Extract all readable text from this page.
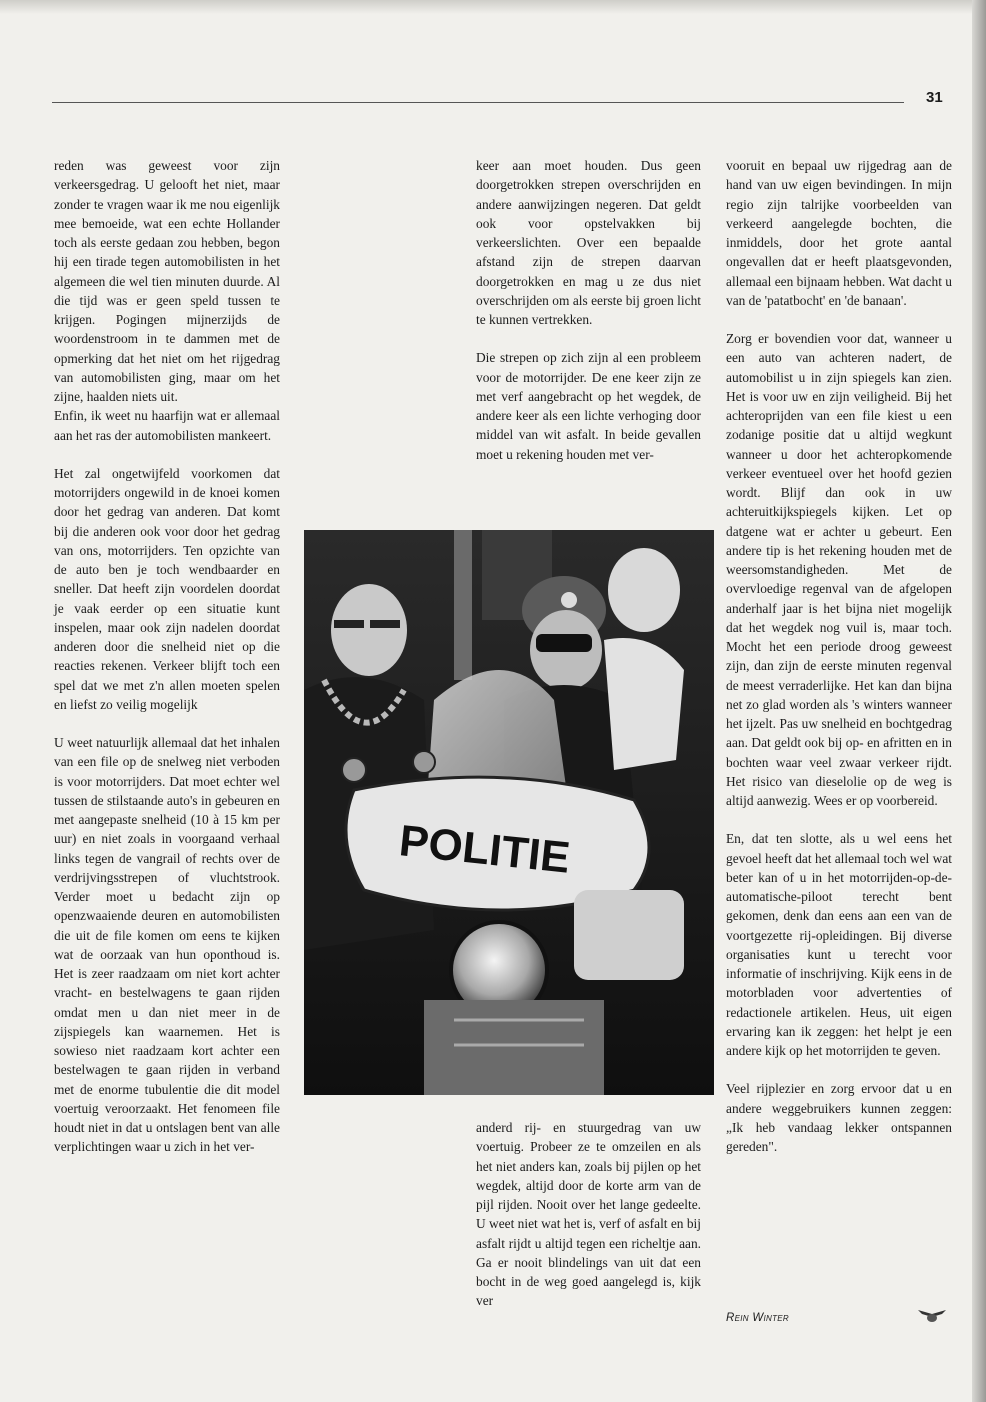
31

reden was geweest voor zijn verkeersgedrag. U gelooft het niet, maar zonder te vragen waar ik me nou eigenlijk mee bemoeide, wat een echte Hollander toch als eerste gedaan zou hebben, begon hij een tirade tegen automobilisten in het algemeen die wel tien minuten duurde. Al die tijd was er geen speld tussen te krijgen. Pogingen mijnerzijds de woordenstroom in te dammen met de opmerking dat het niet om het rijgedrag van automobilisten ging, maar om het zijne, haalden niets uit.

Enfin, ik weet nu haarfijn wat er allemaal aan het ras der automobilisten mankeert.

Het zal ongetwijfeld voorkomen dat motorrijders ongewild in de knoei komen door het gedrag van anderen. Dat komt bij die anderen ook voor door het gedrag van ons, motorrijders. Ten opzichte van de auto ben je toch wendbaarder en sneller. Dat heeft zijn voordelen doordat je vaak eerder op een situatie kunt inspelen, maar ook zijn nadelen doordat anderen door die snelheid niet op die reacties rekenen. Verkeer blijft toch een spel dat we met z'n allen moeten spelen en liefst zo veilig mogelijk

U weet natuurlijk allemaal dat het inhalen van een file op de snelweg niet verboden is voor motorrijders. Dat moet echter wel tussen de stilstaande auto's in gebeuren en met aangepaste snelheid (10 à 15 km per uur) en niet zoals in voorgaand verhaal links tegen de vangrail of rechts over de verdrijvingsstrepen of vluchtstrook. Verder moet u bedacht zijn op openzwaaiende deuren en automobilisten die uit de file komen om eens te kijken wat de oorzaak van hun oponthoud is. Het is zeer raadzaam om niet kort achter vracht- en bestelwagens te gaan rijden omdat men u dan niet meer in de zijspiegels kan waarnemen. Het is sowieso niet raadzaam kort achter een bestelwagen te gaan rijden in verband met de enorme tubulentie die dit model voertuig veroorzaakt. Het fenomeen file houdt niet in dat u ontslagen bent van alle verplichtingen waar u zich in het ver-

keer aan moet houden. Dus geen doorgetrokken strepen overschrijden en andere aanwijzingen negeren. Dat geldt ook voor opstelvakken bij verkeerslichten. Over een bepaalde afstand zijn de strepen daarvan doorgetrokken en mag u ze dus niet overschrijden om als eerste bij groen licht te kunnen vertrekken.

Die strepen op zich zijn al een probleem voor de motorrijder. De ene keer zijn ze met verf aangebracht op het wegdek, de andere keer als een lichte verhoging door middel van wit asfalt. In beide gevallen moet u rekening houden met ver-

POLITIE

anderd rij- en stuurgedrag van uw voertuig. Probeer ze te omzeilen en als het niet anders kan, zoals bij pijlen op het wegdek, altijd door de korte arm van de pijl rijden. Nooit over het lange gedeelte. U weet niet wat het is, verf of asfalt en bij asfalt rijdt u altijd tegen een richeltje aan. Ga er nooit blindelings van uit dat een bocht in de weg goed aangelegd is, kijk ver

vooruit en bepaal uw rijgedrag aan de hand van uw eigen bevindingen. In mijn regio zijn talrijke voorbeelden van verkeerd aangelegde bochten, die inmiddels, door het grote aantal ongevallen dat er heeft plaatsgevonden, allemaal een bijnaam hebben. Wat dacht u van de 'patatbocht' en 'de banaan'.

Zorg er bovendien voor dat, wanneer u een auto van achteren nadert, de automobilist u in zijn spiegels kan zien. Het is voor uw en zijn veiligheid. Bij het achteroprijden van een file kiest u een zodanige positie dat u altijd wegkunt wanneer u door het achteropkomende verkeer eventueel over het hoofd gezien wordt. Blijf dan ook in uw achteruitkijkspiegels kijken. Let op datgene wat er achter u gebeurt. Een andere tip is het rekening houden met de weersomstandigheden. Met de overvloedige regenval van de afgelopen anderhalf jaar is het bijna niet mogelijk dat het wegdek nog vuil is, maar toch. Mocht het een periode droog geweest zijn, dan zijn de eerste minuten regenval de meest verraderlijke. Het kan dan bijna net zo glad worden als 's winters wanneer het ijzelt. Pas uw snelheid en bochtgedrag aan. Dat geldt ook bij op- en afritten en in bochten waar veel zwaar verkeer rijdt. Het risico van dieselolie op de weg is altijd aanwezig. Wees er op voorbereid.

En, dat ten slotte, als u wel eens het gevoel heeft dat het allemaal toch wel wat beter kan of u in het motorrijden-op-de-automatische-piloot terecht bent gekomen, denk dan eens aan een van de voortgezette rij-opleidingen. Bij diverse organisaties kunt u terecht voor informatie of inschrijving. Kijk eens in de motorbladen voor advertenties of redactionele artikelen. Heus, uit eigen ervaring kan ik zeggen: het helpt je een andere kijk op het motorrijden te geven.

Veel rijplezier en zorg ervoor dat u en andere weggebruikers kunnen zeggen: „Ik heb vandaag lekker ontspannen gereden".

Rein Winter
